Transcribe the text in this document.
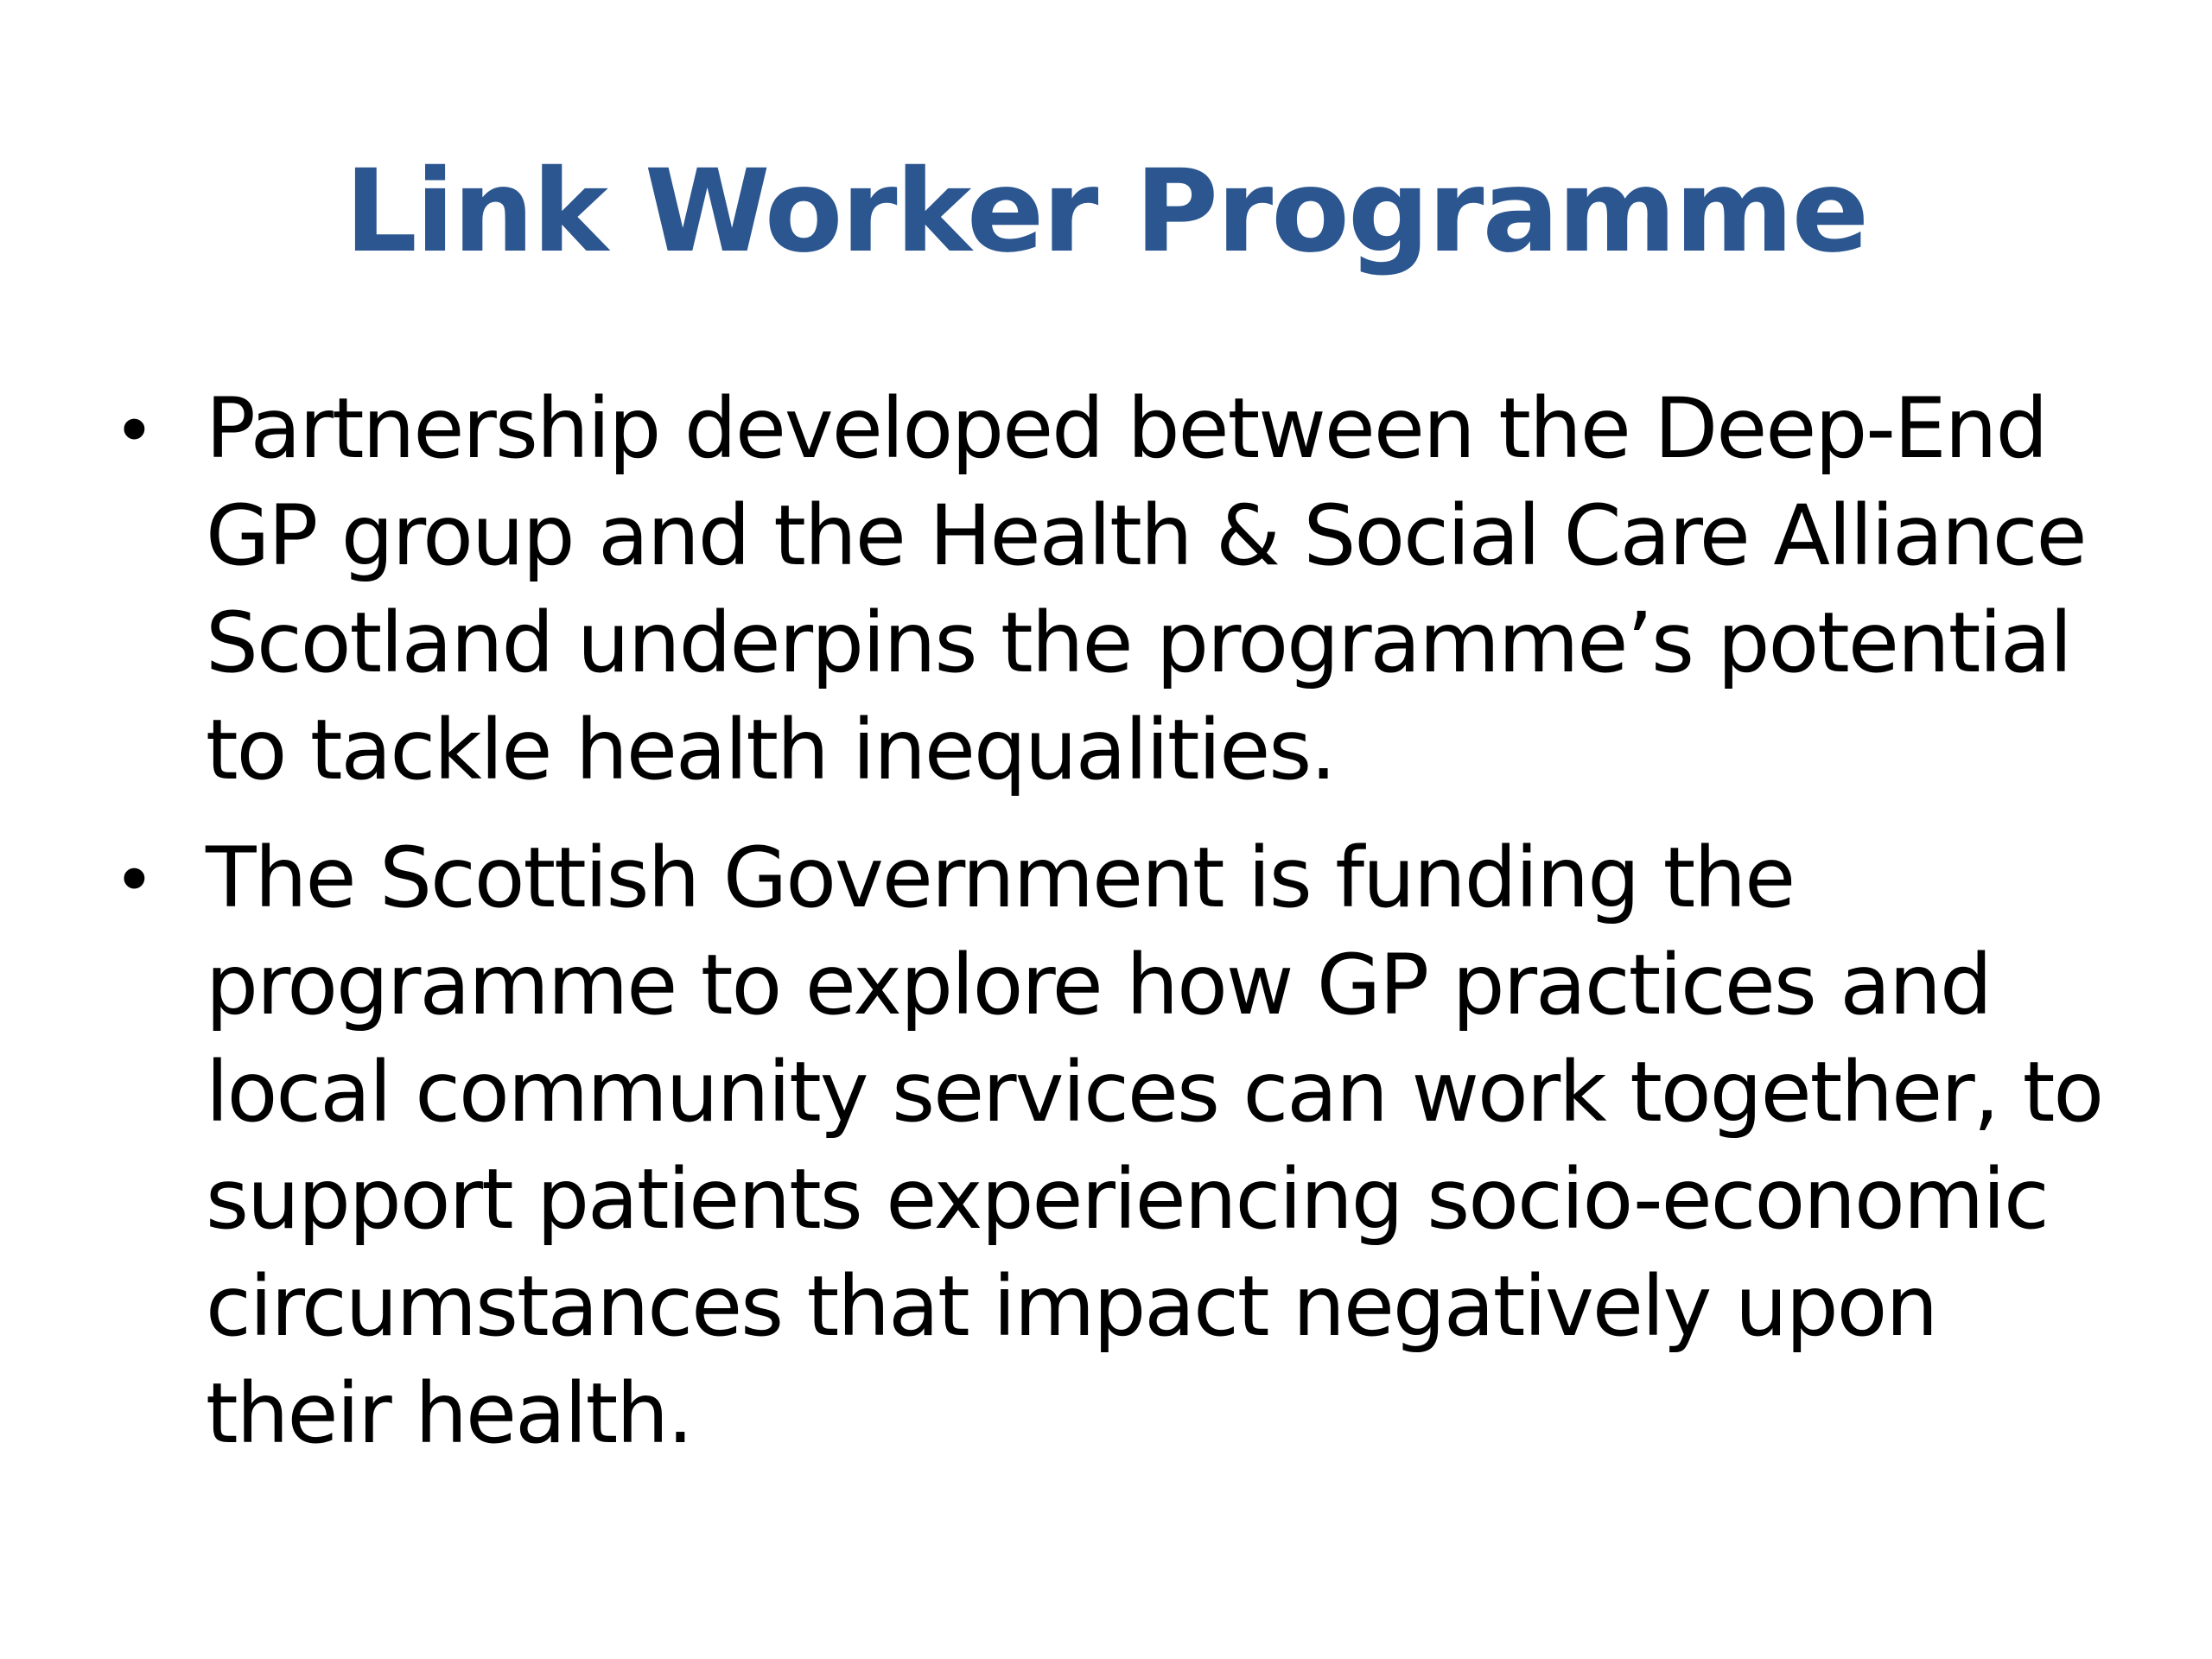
Link Worker Programme
• Partnership developed between the Deep-End GP group and the Health & Social Care Alliance Scotland underpins the programme’s potential to tackle health inequalities.
• The Scottish Government is funding the programme to explore how GP practices and local community services can work together, to support patients experiencing socio-economic circumstances that impact negatively upon their health.
